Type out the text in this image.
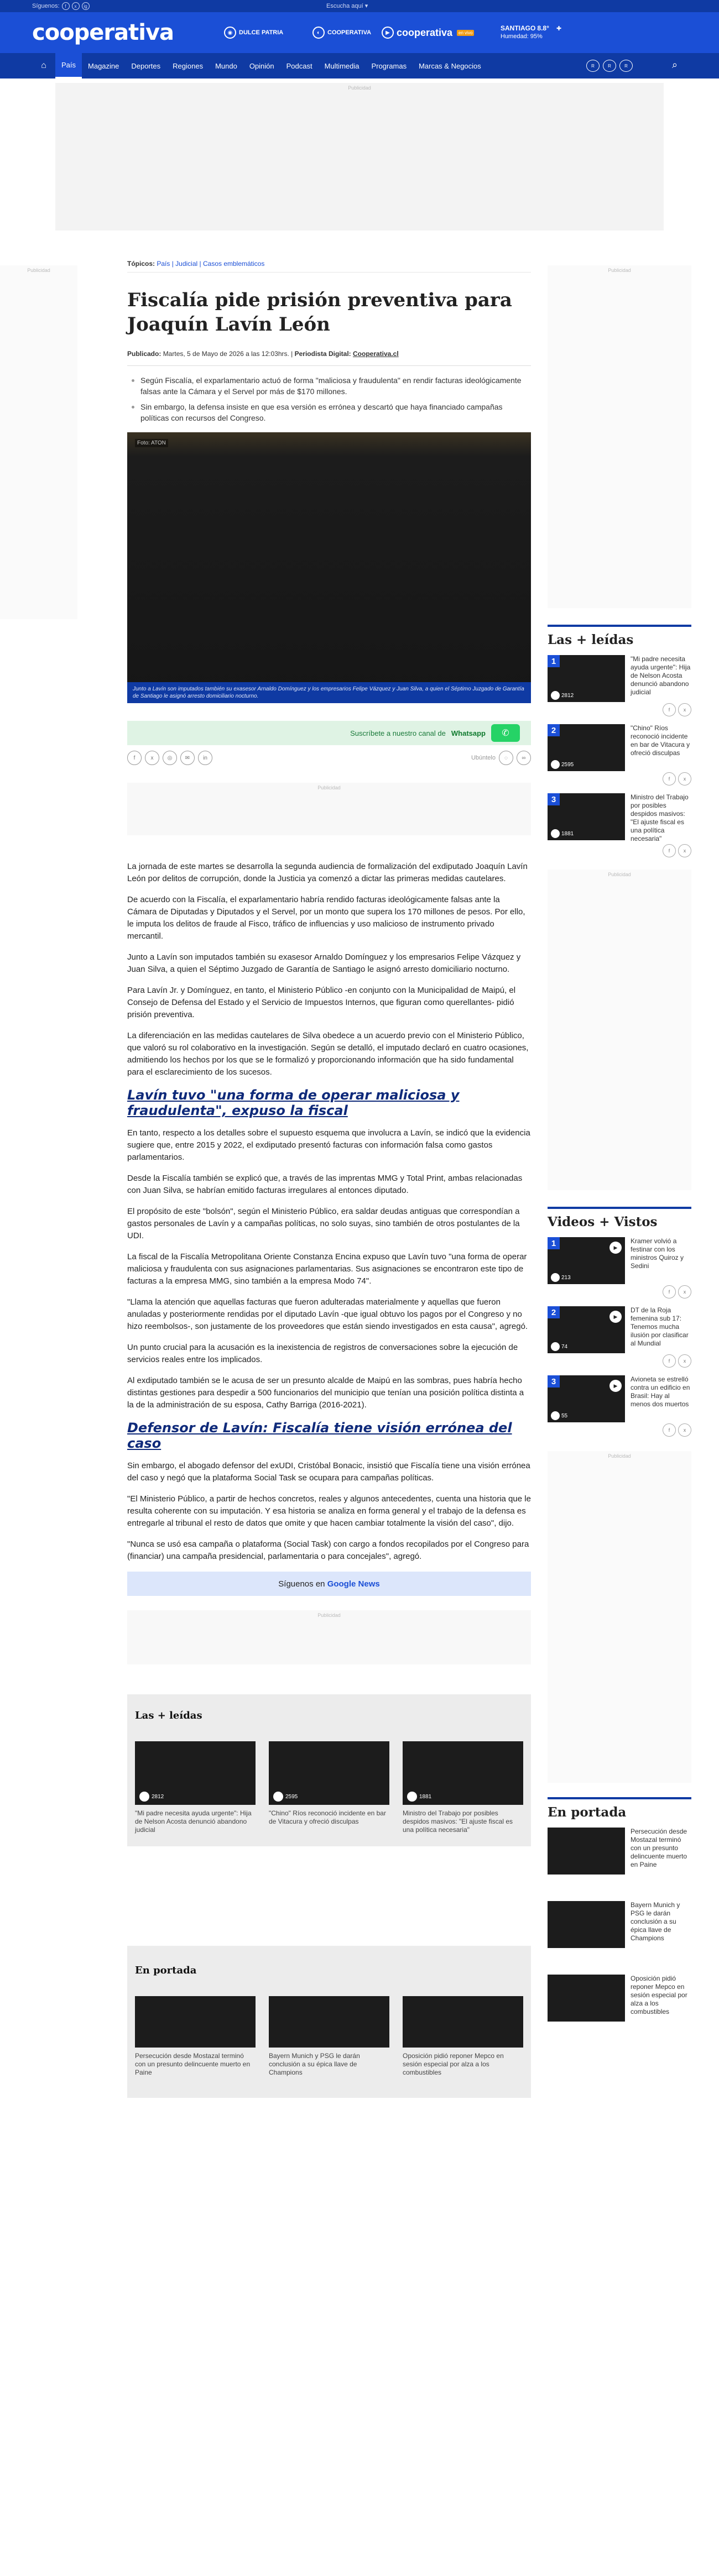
Síguenos:	f	x	ig	Escucha aquí ▾
cooperativa	◉	DULCE PATRIA	◐	COOPERATIVA	▶ cooperativa	en vivo
SANTIAGO 8.8° ✚
Humedad: 95%
⌂	País	Magazine	Deportes	Regiones	Mundo	Opinión	Podcast	Multimedia	Programas	Marcas & Negocios	R	R	R	⌕
Publicidad
Publicidad
Tópicos: País | Judicial | Casos emblemáticos
Fiscalía pide prisión preventiva para Joaquín Lavín León
Publicado: Martes, 5 de Mayo de 2026 a las 12:03hrs. | Periodista Digital: Cooperativa.cl
Según Fiscalía, el exparlamentario actuó de forma "maliciosa y fraudulenta" en rendir facturas ideológicamente falsas ante la Cámara y el Servel por más de $170 millones.
Sin embargo, la defensa insiste en que esa versión es errónea y descartó que haya financiado campañas políticas con recursos del Congreso.
Foto: ATON
Junto a Lavín son imputados también su exasesor Arnaldo Domínguez y los empresarios Felipe Vázquez y Juan Silva, a quien el Séptimo Juzgado de Garantía de Santiago le asignó arresto domiciliario nocturno.
Suscríbete a nuestro canal de Whatsapp	✆
f	x	◎	✉	in	Ubúntelo	◌	∞
Publicidad

La jornada de este martes se desarrolla la segunda audiencia de formalización del exdiputado Joaquín Lavín León por delitos de corrupción, donde la Justicia ya comenzó a dictar las primeras medidas cautelares.

De acuerdo con la Fiscalía, el exparlamentario habría rendido facturas ideológicamente falsas ante la Cámara de Diputadas y Diputados y el Servel, por un monto que supera los 170 millones de pesos. Por ello, le imputa los delitos de fraude al Fisco, tráfico de influencias y uso malicioso de instrumento privado mercantil.

Junto a Lavín son imputados también su exasesor Arnaldo Domínguez y los empresarios Felipe Vázquez y Juan Silva, a quien el Séptimo Juzgado de Garantía de Santiago le asignó arresto domiciliario nocturno.

Para Lavín Jr. y Domínguez, en tanto, el Ministerio Público -en conjunto con la Municipalidad de Maipú, el Consejo de Defensa del Estado y el Servicio de Impuestos Internos, que figuran como querellantes- pidió prisión preventiva.

La diferenciación en las medidas cautelares de Silva obedece a un acuerdo previo con el Ministerio Público, que valoró su rol colaborativo en la investigación. Según se detalló, el imputado declaró en cuatro ocasiones, admitiendo los hechos por los que se le formalizó y proporcionando información que ha sido fundamental para el esclarecimiento de los sucesos.

Lavín tuvo "una forma de operar maliciosa y fraudulenta", expuso la fiscal

En tanto, respecto a los detalles sobre el supuesto esquema que involucra a Lavín, se indicó que la evidencia sugiere que, entre 2015 y 2022, el exdiputado presentó facturas con información falsa como gastos parlamentarios.

Desde la Fiscalía también se explicó que, a través de las imprentas MMG y Total Print, ambas relacionadas con Juan Silva, se habrían emitido facturas irregulares al entonces diputado.

El propósito de este "bolsón", según el Ministerio Público, era saldar deudas antiguas que correspondían a gastos personales de Lavín y a campañas políticas, no solo suyas, sino también de otros postulantes de la UDI.

La fiscal de la Fiscalía Metropolitana Oriente Constanza Encina expuso que Lavín tuvo "una forma de operar maliciosa y fraudulenta con sus asignaciones parlamentarias. Sus asignaciones se encontraron este tipo de facturas a la empresa MMG, sino también a la empresa Modo 74".

"Llama la atención que aquellas facturas que fueron adulteradas materialmente y aquellas que fueron anuladas y posteriormente rendidas por el diputado Lavín -que igual obtuvo los pagos por el Congreso y no hizo reembolsos-, son justamente de los proveedores que están siendo investigados en esta causa", agregó.

Un punto crucial para la acusación es la inexistencia de registros de conversaciones sobre la ejecución de servicios reales entre los implicados.

Al exdiputado también se le acusa de ser un presunto alcalde de Maipú en las sombras, pues habría hecho distintas gestiones para despedir a 500 funcionarios del municipio que tenían una posición política distinta a la de la administración de su esposa, Cathy Barriga (2016-2021).

Defensor de Lavín: Fiscalía tiene visión errónea del caso

Sin embargo, el abogado defensor del exUDI, Cristóbal Bonacic, insistió que Fiscalía tiene una visión errónea del caso y negó que la plataforma Social Task se ocupara para campañas políticas.

"El Ministerio Público, a partir de hechos concretos, reales y algunos antecedentes, cuenta una historia que le resulta coherente con su imputación. Y esa historia se analiza en forma general y el trabajo de la defensa es entregarle al tribunal el resto de datos que omite y que hacen cambiar totalmente la visión del caso", dijo.

"Nunca se usó esa campaña o plataforma (Social Task) con cargo a fondos recopilados por el Congreso para (financiar) una campaña presidencial, parlamentaria o para concejales", agregó.

Síguenos en
Google News
Publicidad
Las + leídas
2812
"Mi padre necesita ayuda urgente": Hija de Nelson Acosta denunció abandono judicial
2595
"Chino" Ríos reconoció incidente en bar de Vitacura y ofreció disculpas
1881
Ministro del Trabajo por posibles despidos masivos: "El ajuste fiscal es una política necesaria"
En portada
Persecución desde Mostazal terminó con un presunto delincuente muerto en Paine
Bayern Munich y PSG le darán conclusión a su épica llave de Champions
Oposición pidió reponer Mepco en sesión especial por alza a los combustibles
Publicidad
Las + leídas
1
2812
"Mi padre necesita ayuda urgente": Hija de Nelson Acosta denunció abandono judicial
f	x
2
2595
"Chino" Ríos reconoció incidente en bar de Vitacura y ofreció disculpas
f	x
3
1881
Ministro del Trabajo por posibles despidos masivos: "El ajuste fiscal es una política necesaria"
f	x
Publicidad
Videos + Vistos
1	▶
213
Kramer volvió a festinar con los ministros Quiroz y Sedini
f	x
2	▶
74
DT de la Roja femenina sub 17: Tenemos mucha ilusión por clasificar al Mundial
f	x
3	▶
55
Avioneta se estrelló contra un edificio en Brasil: Hay al menos dos muertos
f	x
Publicidad
En portada
Persecución desde Mostazal terminó con un presunto delincuente muerto en Paine
Bayern Munich y PSG le darán conclusión a su épica llave de Champions
Oposición pidió reponer Mepco en sesión especial por alza a los combustibles
